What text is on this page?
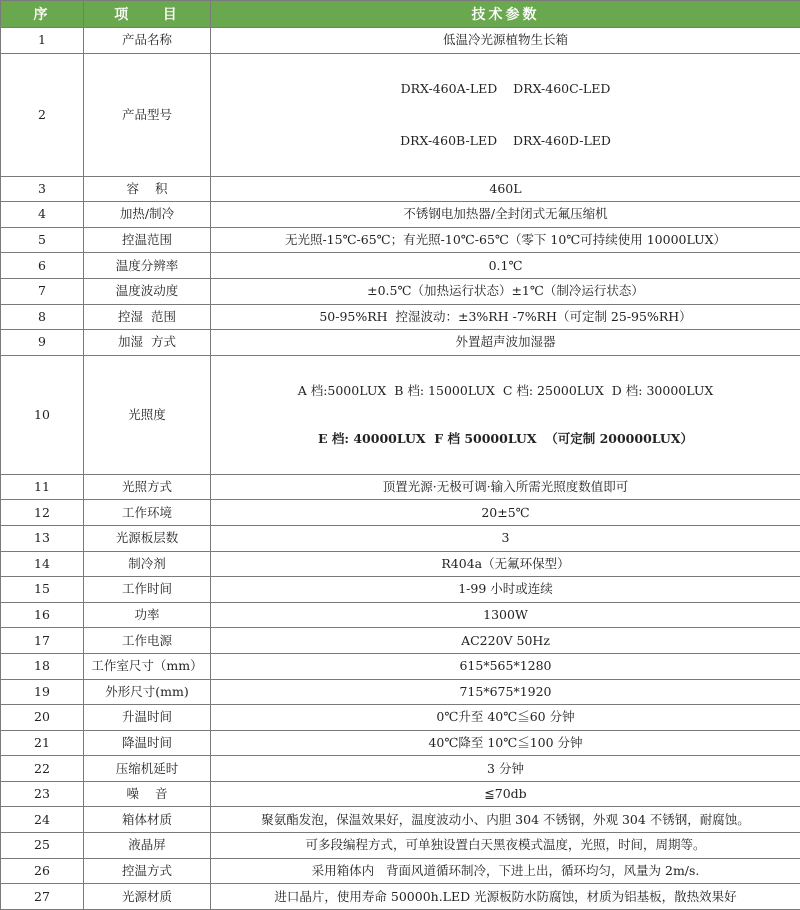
序	项    目	技术参数
1	产品名称	低温冷光源植物生长箱
2	产品型号	DRX-460A-LED    DRX-460C-LED

DRX-460B-LED    DRX-460D-LED

3	容    积	460L
4	加热/制冷	不锈钢电加热器/全封闭式无氟压缩机
5	控温范围	无光照-15℃-65℃；有光照-10℃-65℃（零下 10℃可持续使用 10000LUX）
6	温度分辨率	0.1℃
7	温度波动度	±0.5℃（加热运行状态）±1℃（制冷运行状态）
8	控湿  范围	50-95%RH  控湿波动：±3%RH -7%RH（可定制 25-95%RH）
9	加湿  方式	外置超声波加湿器
10	光照度	A 档:5000LUX  B 档: 15000LUX  C 档: 25000LUX  D 档: 30000LUX

E 档: 40000LUX  F 档 50000LUX  （可定制 200000LUX）

11	光照方式	顶置光源·无极可调·输入所需光照度数值即可
12	工作环境	20±5℃
13	光源板层数	3
14	制冷剂	R404a（无氟环保型）
15	工作时间	1-99 小时或连续
16	功率	1300W
17	工作电源	AC220V 50Hz
18	工作室尺寸（mm）	615*565*1280
19	外形尺寸(mm)	715*675*1920
20	升温时间	0℃升至 40℃≦60 分钟
21	降温时间	40℃降至 10℃≦100 分钟
22	压缩机延时	3 分钟
23	噪    音	≦70db
24	箱体材质	聚氨酯发泡，保温效果好，温度波动小、内胆 304 不锈钢，外观 304 不锈钢，耐腐蚀。
25	液晶屏	可多段编程方式，可单独设置白天黑夜模式温度，光照，时间，周期等。
26	控温方式	采用箱体内   背面风道循环制冷，下进上出，循环均匀，风量为 2m/s.
27	光源材质	进口晶片，使用寿命 50000h.LED 光源板防水防腐蚀，材质为铝基板，散热效果好
